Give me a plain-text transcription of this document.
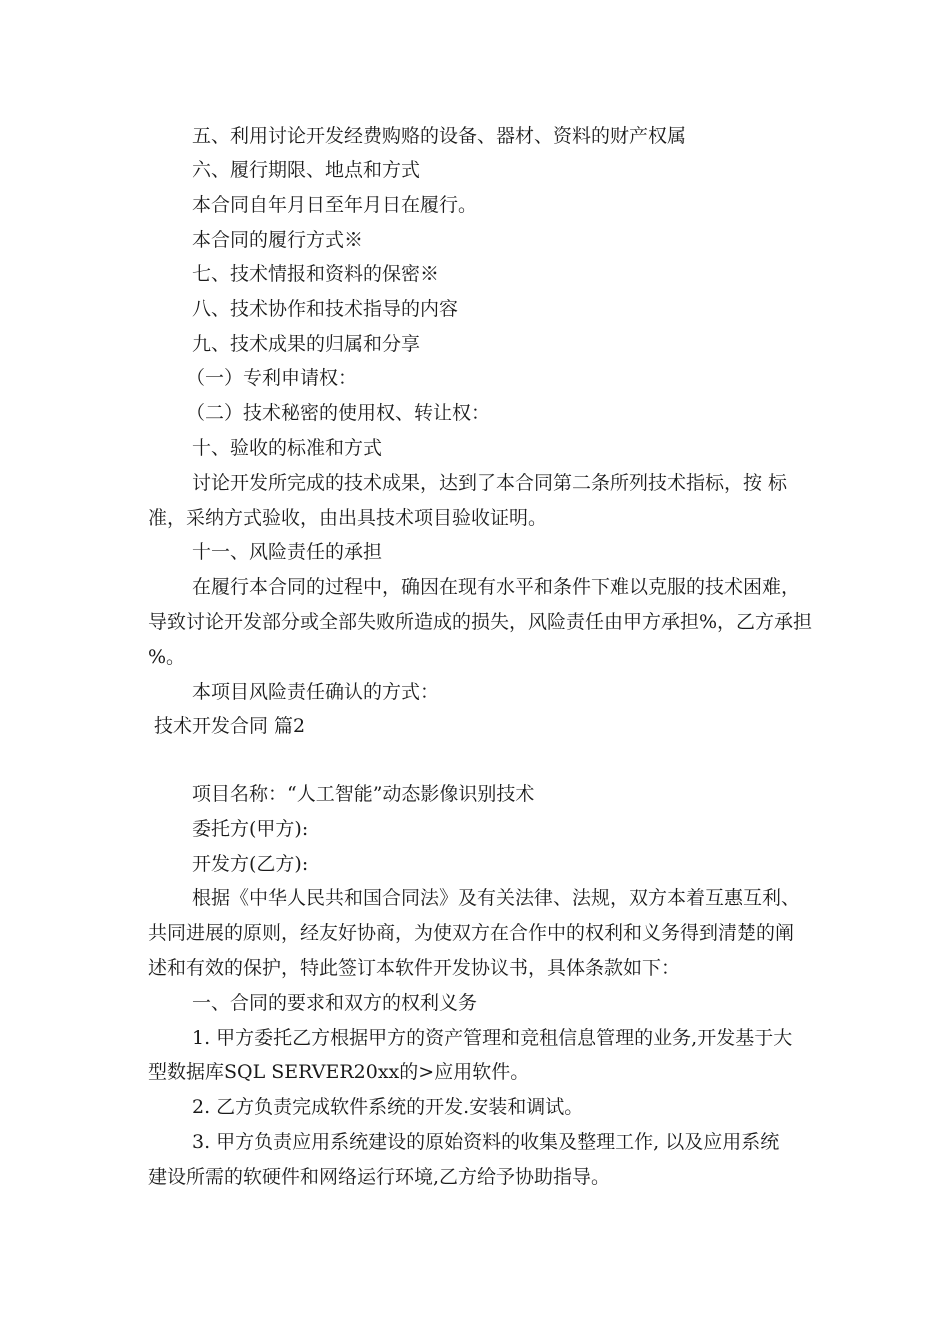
五、利用讨论开发经费购赂的设备、器材、资料的财产权属
六、履行期限、地点和方式
本合同自年月日至年月日在履行。
本合同的履行方式※
七、技术情报和资料的保密※
八、技术协作和技术指导的内容
九、技术成果的归属和分享
（一）专利申请权：
（二）技术秘密的使用权、转让权：
十、验收的标准和方式
讨论开发所完成的技术成果，达到了本合同第二条所列技术指标，按 标
准，采纳方式验收，由出具技术项目验收证明。
十一、风险责任的承担
在履行本合同的过程中，确因在现有水平和条件下难以克服的技术困难，
导致讨论开发部分或全部失败所造成的损失，风险责任由甲方承担%，乙方承担
%。
本项目风险责任确认的方式：
技术开发合同 篇2
项目名称：“人工智能”动态影像识别技术
委托方(甲方):
开发方(乙方):
根据《中华人民共和国合同法》及有关法律、法规，双方本着互惠互利、
共同进展的原则，经友好协商，为使双方在合作中的权利和义务得到清楚的阐
述和有效的保护，特此签订本软件开发协议书，具体条款如下：
一、合同的要求和双方的权利义务
1. 甲方委托乙方根据甲方的资产管理和竞租信息管理的业务,开发基于大
型数据库SQL SERVER20xx的>应用软件。
2. 乙方负责完成软件系统的开发.安装和调试。
3. 甲方负责应用系统建设的原始资料的收集及整理工作, 以及应用系统
建设所需的软硬件和网络运行环境,乙方给予协助指导。
